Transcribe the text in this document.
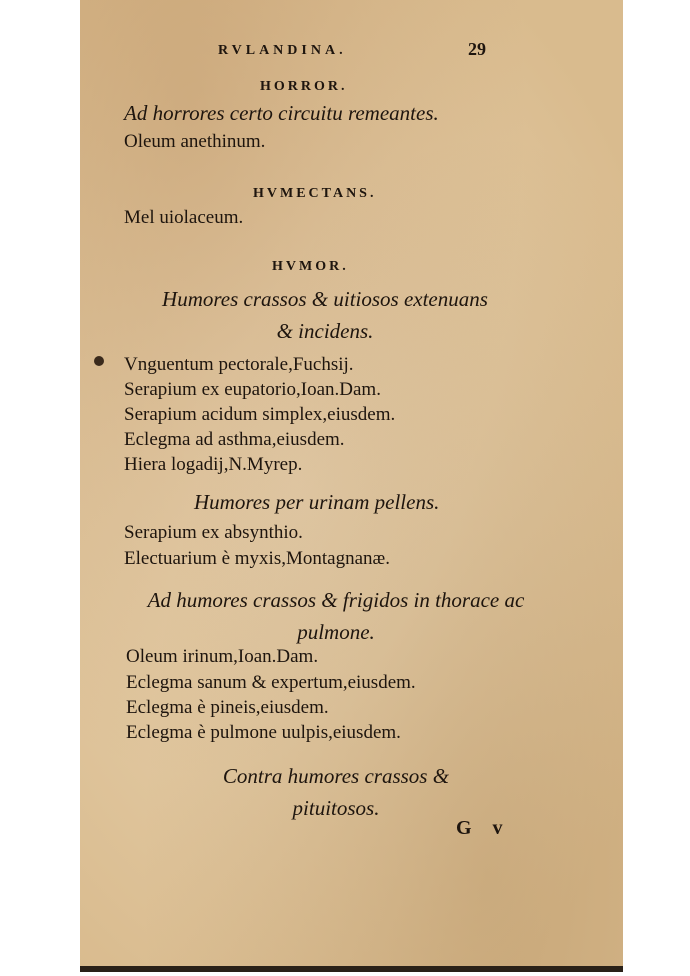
RVLANDINA.	29
HORROR.
Ad horrores certo circuitu remeantes.
Oleum anethinum.
HVMECTANS.
Mel uiolaceum.
HVMOR.
Humores crassos & uitiosos extenuans & incidens.
Vnguentum pectorale,Fuchsij.
Serapium ex eupatorio,Ioan.Dam.
Serapium acidum simplex,eiusdem.
Eclegma ad asthma,eiusdem.
Hiera logadij,N.Myrep.
Humores per urinam pellens.
Serapium ex absynthio.
Electuarium è myxis,Montagnanæ.
Ad humores crassos & frigidos in thorace ac pulmone.
Oleum irinum,Ioan.Dam.
Eclegma sanum & expertum,eiusdem.
Eclegma è pineis,eiusdem.
Eclegma è pulmone uulpis,eiusdem.
Contra humores crassos & pituitosos.
G v
